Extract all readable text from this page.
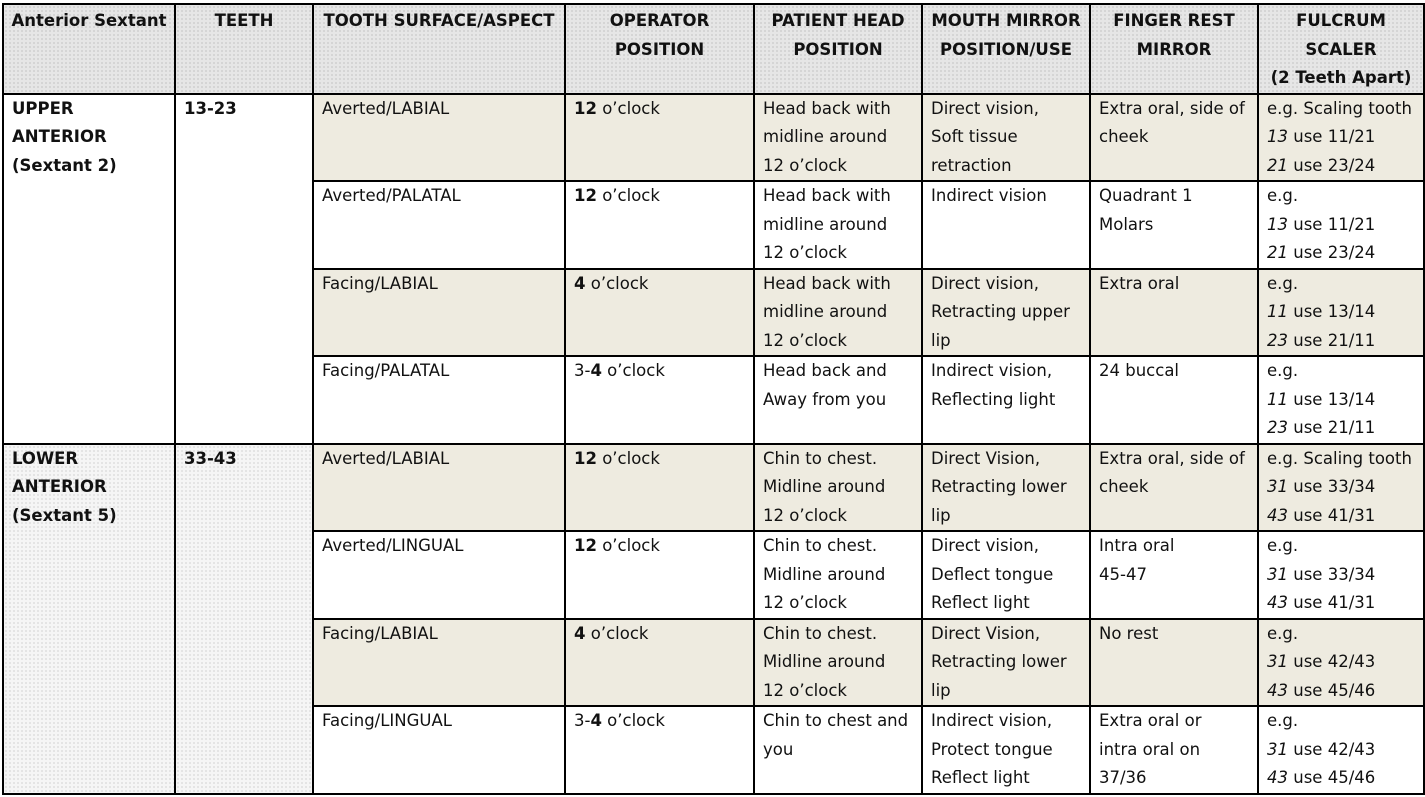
Anterior Sextant	TEETH	TOOTH SURFACE/ASPECT	OPERATOR
POSITION	PATIENT HEAD
POSITION	MOUTH MIRROR
POSITION/USE	FINGER REST
MIRROR	FULCRUM
SCALER
(2 Teeth Apart)

UPPER
ANTERIOR
(Sextant 2)	13-23	Averted/LABIAL	12 o’clock	Head back with
midline around
12 o’clock	Direct vision,
Soft tissue
retraction	Extra oral, side of
cheek	e.g. Scaling tooth
13 use 11/21
21 use 23/24

		Averted/PALATAL	12 o’clock	Head back with
midline around
12 o’clock	Indirect vision	Quadrant 1
Molars	e.g.
13 use 11/21
21 use 23/24

		Facing/LABIAL	4 o’clock	Head back with
midline around
12 o’clock	Direct vision,
Retracting upper
lip	Extra oral	e.g.
11 use 13/14
23 use 21/11

		Facing/PALATAL	3-4 o’clock	Head back and
Away from you	Indirect vision,
Reflecting light	24 buccal	e.g.
11 use 13/14
23 use 21/11

LOWER
ANTERIOR
(Sextant 5)	33-43	Averted/LABIAL	12 o’clock	Chin to chest.
Midline around
12 o’clock	Direct Vision,
Retracting lower
lip	Extra oral, side of
cheek	e.g. Scaling tooth
31 use 33/34
43 use 41/31

		Averted/LINGUAL	12 o’clock	Chin to chest.
Midline around
12 o’clock	Direct vision,
Deflect tongue
Reflect light	Intra oral
45-47	e.g.
31 use 33/34
43 use 41/31

		Facing/LABIAL	4 o’clock	Chin to chest.
Midline around
12 o’clock	Direct Vision,
Retracting lower
lip	No rest	e.g.
31 use 42/43
43 use 45/46

		Facing/LINGUAL	3-4 o’clock	Chin to chest and
you	Indirect vision,
Protect tongue
Reflect light	Extra oral or
intra oral on
37/36	e.g.
31 use 42/43
43 use 45/46
